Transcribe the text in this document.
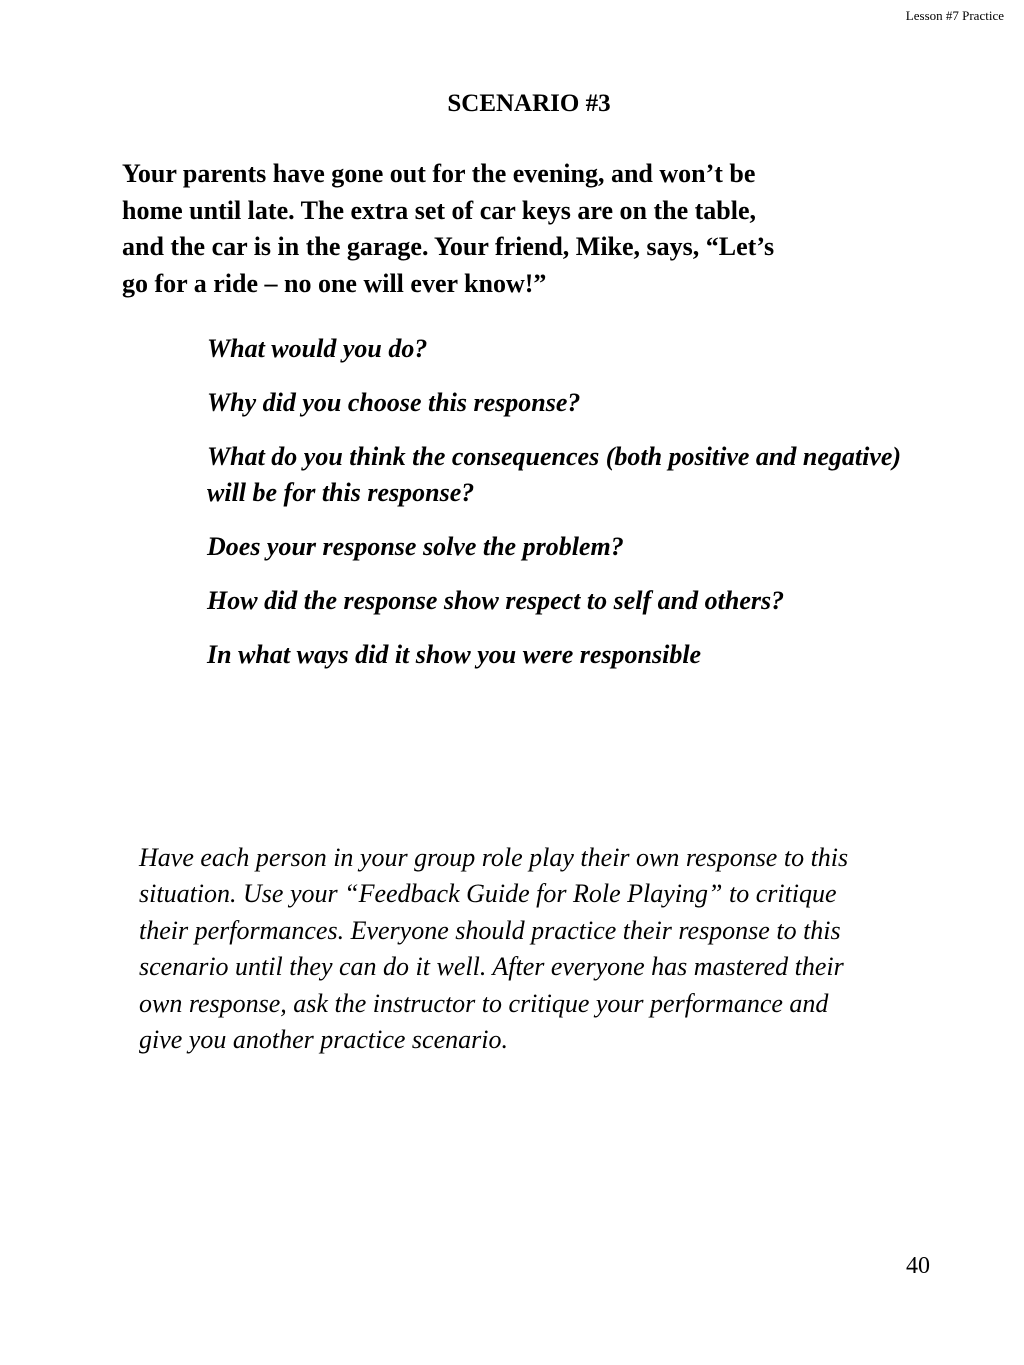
Lesson #7 Practice
SCENARIO #3

Your parents have gone out for the evening, and won’t be
home until late. The extra set of car keys are on the table,
and the car is in the garage. Your friend, Mike, says, “Let’s
go for a ride – no one will ever know!”

What would you do?
Why did you choose this response?
What do you think the consequences (both positive and negative) will be for this response?
Does your response solve the problem?
How did the response show respect to self and others?
In what ways did it show you were responsible

Have each person in your group role play their own response to this
situation. Use your “Feedback Guide for Role Playing” to critique
their performances. Everyone should practice their response to this
scenario until they can do it well. After everyone has mastered their
own response, ask the instructor to critique your performance and
give you another practice scenario.

40
